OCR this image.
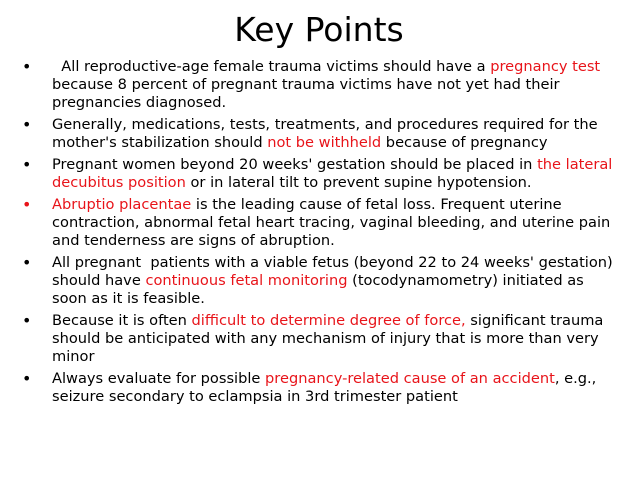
Key Points
•	All reproductive-age female trauma victims should have a pregnancy test because 8 percent of pregnant trauma victims have not yet had their pregnancies diagnosed.
•	Generally, medications, tests, treatments, and procedures required for the mother's stabilization should not be withheld because of pregnancy
•	Pregnant women beyond 20 weeks' gestation should be placed in the lateral decubitus position or in lateral tilt to prevent supine hypotension.
•	Abruptio placentae is the leading cause of fetal loss. Frequent uterine contraction, abnormal fetal heart tracing, vaginal bleeding, and uterine pain and tenderness are signs of abruption.
•	All pregnant  patients with a viable fetus (beyond 22 to 24 weeks' gestation) should have continuous fetal monitoring (tocodynamometry) initiated as soon as it is feasible.
•	Because it is often difficult to determine degree of force, significant trauma should be anticipated with any mechanism of injury that is more than very minor
•	Always evaluate for possible pregnancy-related cause of an accident, e.g., seizure secondary to eclampsia in 3rd trimester patient
